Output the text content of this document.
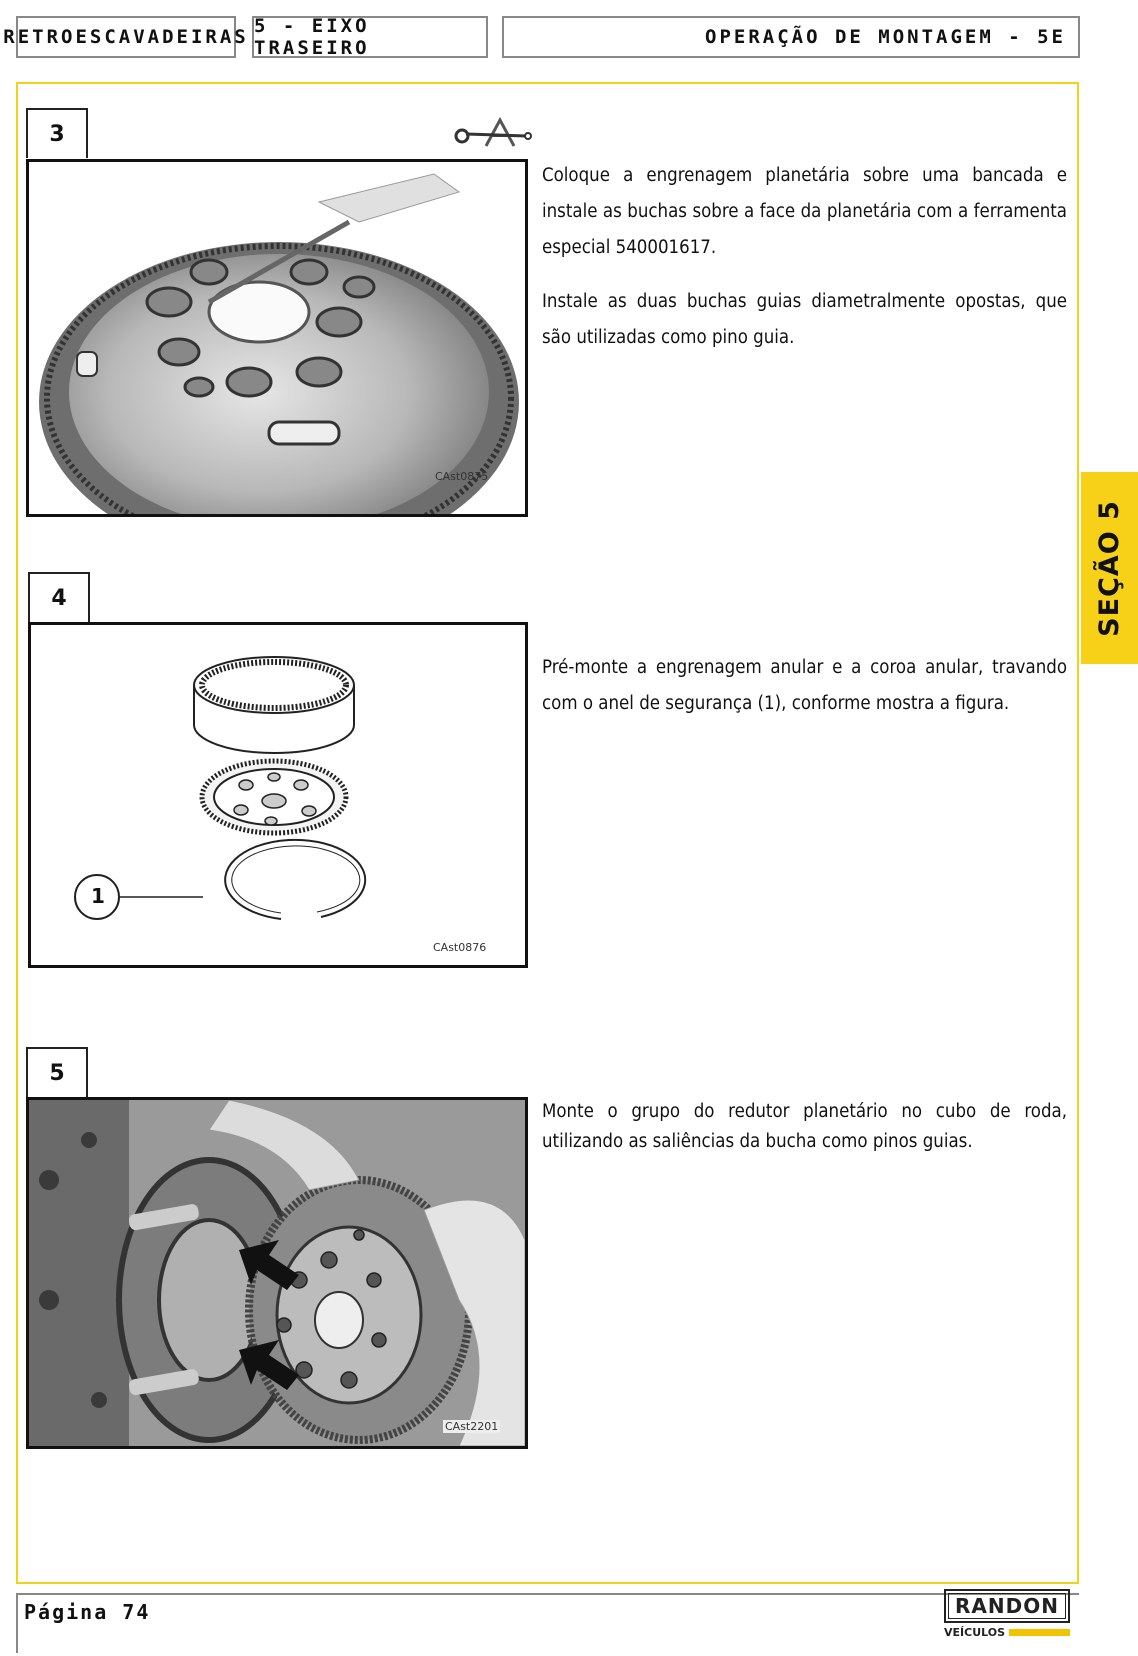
RETROESCAVADEIRAS 5 - EIXO TRASEIRO	OPERAÇÃO DE MONTAGEM - 5E
SEÇÃO 5
3
CAst0875

Coloque a engrenagem planetária sobre uma bancada e instale as buchas sobre a face da planetária com a ferramenta especial 540001617.

Instale as duas buchas guias diametralmente opostas, que são utilizadas como pino guia.

4
1
CAst0876

Pré-monte a engrenagem anular e a coroa anular, travando com o anel de segurança (1), conforme mostra a figura.

5
CAst2201

Monte o grupo do redutor planetário no cubo de roda, utilizando as saliências da bucha como pinos guias.

Página 74	RANDON
VEÍCULOS
